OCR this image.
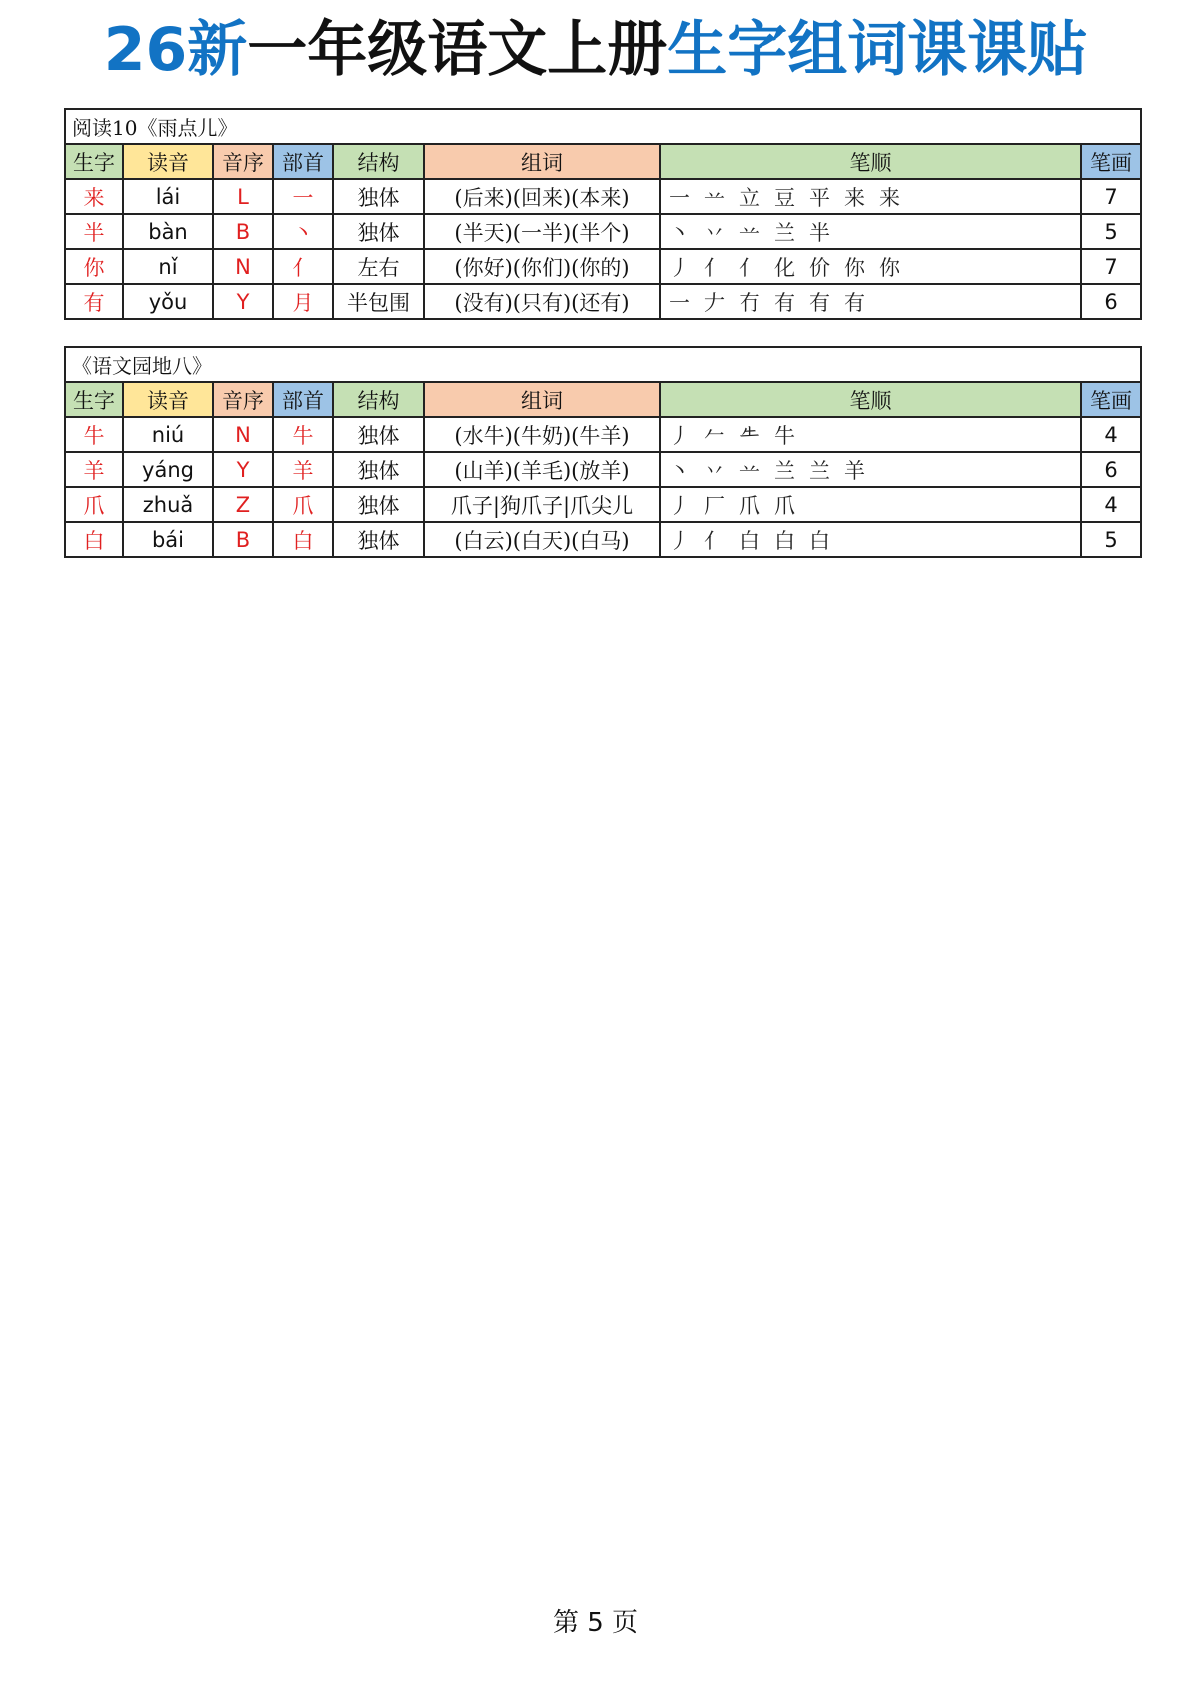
26新一年级语文上册生字组词课课贴
阅读10《雨点儿》							
生字	读音	音序	部首	结构	组词	笔顺	笔画
来	lái	L	一	独体	(后来)(回来)(本来)	一 䒑 立 豆 平 来 来	7
半	bàn	B	丶	独体	(半天)(一半)(半个)	丶 丷 䒑 兰 半	5
你	nǐ	N	亻	左右	(你好)(你们)(你的)	丿 亻 亻 化 价 你 你	7
有	yǒu	Y	月	半包围	(没有)(只有)(还有)	一 𠂇 冇 有 有 有	6
《语文园地八》							
生字	读音	音序	部首	结构	组词	笔顺	笔画
牛	niú	N	牛	独体	(水牛)(牛奶)(牛羊)	丿 𠂉 𠂒 牛	4
羊	yáng	Y	羊	独体	(山羊)(羊毛)(放羊)	丶 丷 䒑 兰 兰 羊	6
爪	zhuǎ	Z	爪	独体	爪子|狗爪子|爪尖儿	丿 厂 爪 爪	4
白	bái	B	白	独体	(白云)(白天)(白马)	丿 亻 白 白 白	5
第 5 页
